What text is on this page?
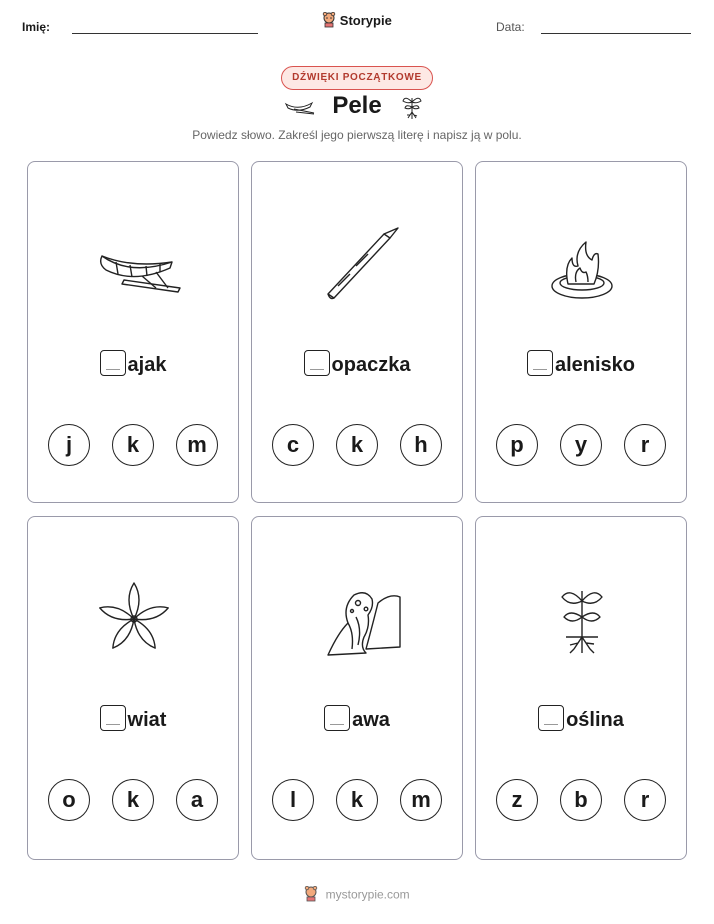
Imię:	Storypie	Data:
DŹWIĘKI POCZĄTKOWE
Pele
Powiedz słowo. Zakreśl jego pierwszą literę i napisz ją w polu.
ajak
j	k	m
opaczka
c	k	h
alenisko
p	y	r
wiat
o	k	a
awa
l	k	m
oślina
z	b	r
mystorypie.com
